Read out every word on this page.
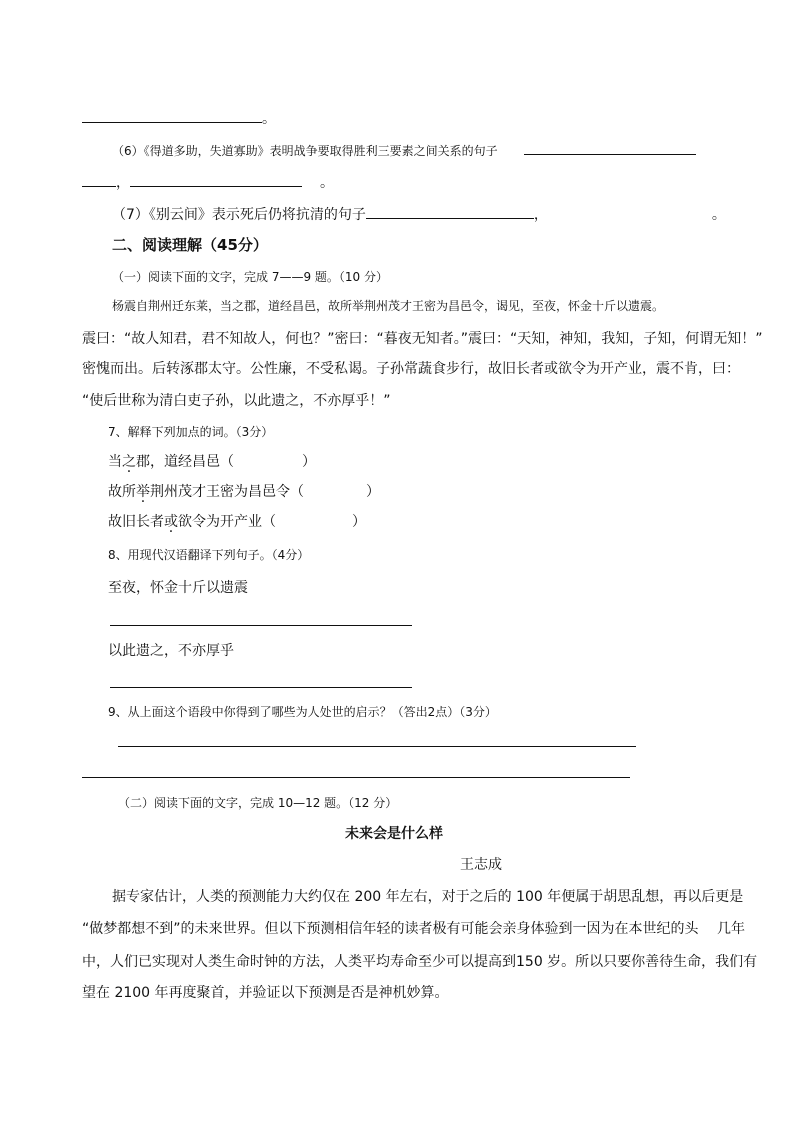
。
（6）《得道多助，失道寡助》表明战争要取得胜利三要素之间关系的句子
，	。
（7）《别云间》表示死后仍将抗清的句子	，	。
二、阅读理解（45分）
（一）阅读下面的文字，完成 7——9 题。（10 分）
杨震自荆州迁东莱，当之郡，道经昌邑，故所举荆州茂才王密为昌邑令，谒见，至夜，怀金十斤以遗震。
震曰：“故人知君，君不知故人，何也？”密曰：“暮夜无知者。”震曰：“天知，神知，我知，子知，何谓无知！”
密愧而出。后转涿郡太守。公性廉，不受私谒。子孙常蔬食步行，故旧长者或欲令为开产业，震不肯，曰：
“使后世称为清白吏子孙，以此遗之，不亦厚乎！”
7、解释下列加点的词。（3分）
当之郡，道经昌邑（	）
故所举荆州茂才王密为昌邑令（	）
故旧长者或欲令为开产业（	）
8、用现代汉语翻译下列句子。（4分）
至夜，怀金十斤以遗震
以此遗之，不亦厚乎
9、从上面这个语段中你得到了哪些为人处世的启示？（答出2点）（3分）
（二）阅读下面的文字，完成 10—12 题。（12 分）
未来会是什么样
王志成
据专家估计，人类的预测能力大约仅在 200 年左右，对于之后的 100 年便属于胡思乱想，再以后更是
“做梦都想不到”的未来世界。但以下预测相信年轻的读者极有可能会亲身体验到一因为在本世纪的头　 几年
中，人们已实现对人类生命时钟的方法，人类平均寿命至少可以提高到150 岁。所以只要你善待生命，我们有
望在 2100 年再度聚首，并验证以下预测是否是神机妙算。
